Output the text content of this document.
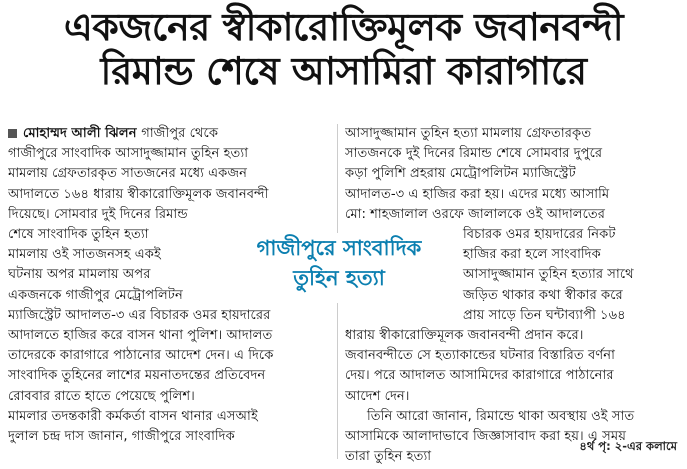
একজনের স্বীকারোক্তিমূলক জবানবন্দী
রিমান্ড শেষে আসামিরা কারাগারে
মোহাম্মদ আলী ঝিলন গাজীপুর থেকে
গাজীপুরে সাংবাদিক আসাদুজ্জামান তুহিন হত্যা
মামলায় গ্রেফতারকৃত সাতজনের মধ্যে একজন
আদালতে ১৬৪ ধারায় স্বীকারোক্তিমূলক জবানবন্দী
দিয়েছে। সোমবার দুই দিনের রিমান্ড
শেষে সাংবাদিক তুহিন হত্যা
মামলায় ওই সাতজনসহ একই
ঘটনায় অপর মামলায় অপর
একজনকে গাজীপুর মেট্রোপলিটন
ম্যাজিস্ট্রেট আদালত-৩ এর বিচারক ওমর হায়দারের
আদালতে হাজির করে বাসন থানা পুলিশ। আদালত
তাদেরকে কারাগারে পাঠানোর আদেশ দেন। এ দিকে
সাংবাদিক তুহিনের লাশের ময়নাতদন্তের প্রতিবেদন
রোববার রাতে হাতে পেয়েছে পুলিশ।
মামলার তদন্তকারী কর্মকর্তা বাসন থানার এসআই
দুলাল চন্দ্র দাস জানান, গাজীপুরে সাংবাদিক
আসাদুজ্জামান তুহিন হত্যা মামলায় গ্রেফতারকৃত
সাতজনকে দুই দিনের রিমান্ড শেষে সোমবার দুপুরে
কড়া পুলিশি প্রহরায় মেট্রোপলিটন ম্যাজিস্ট্রেট
আদালত-৩ এ হাজির করা হয়। এদের মধ্যে আসামি
মো: শাহজালাল ওরফে জালালকে ওই আদালতের
বিচারক ওমর হায়দারের নিকট
হাজির করা হলে সাংবাদিক
আসাদুজ্জামান তুহিন হত্যার সাথে
জড়িত থাকার কথা স্বীকার করে
প্রায় সাড়ে তিন ঘন্টাব্যাপী ১৬৪
ধারায় স্বীকারোক্তিমূলক জবানবন্দী প্রদান করে।
জবানবন্দীতে সে হত্যাকান্ডের ঘটনার বিস্তারিত বর্ণনা
দেয়। পরে আদালত আসামিদের কারাগারে পাঠানোর
আদেশ দেন।
তিনি আরো জানান, রিমান্ডে থাকা অবস্থায় ওই সাত
আসামিকে আলাদাভাবে জিজ্ঞাসাবাদ করা হয়। এ সময়
তারা তুহিন হত্যা
গাজীপুরে সাংবাদিক
তুহিন হত্যা
৪র্থ পৃ: ২-এর কলামে
